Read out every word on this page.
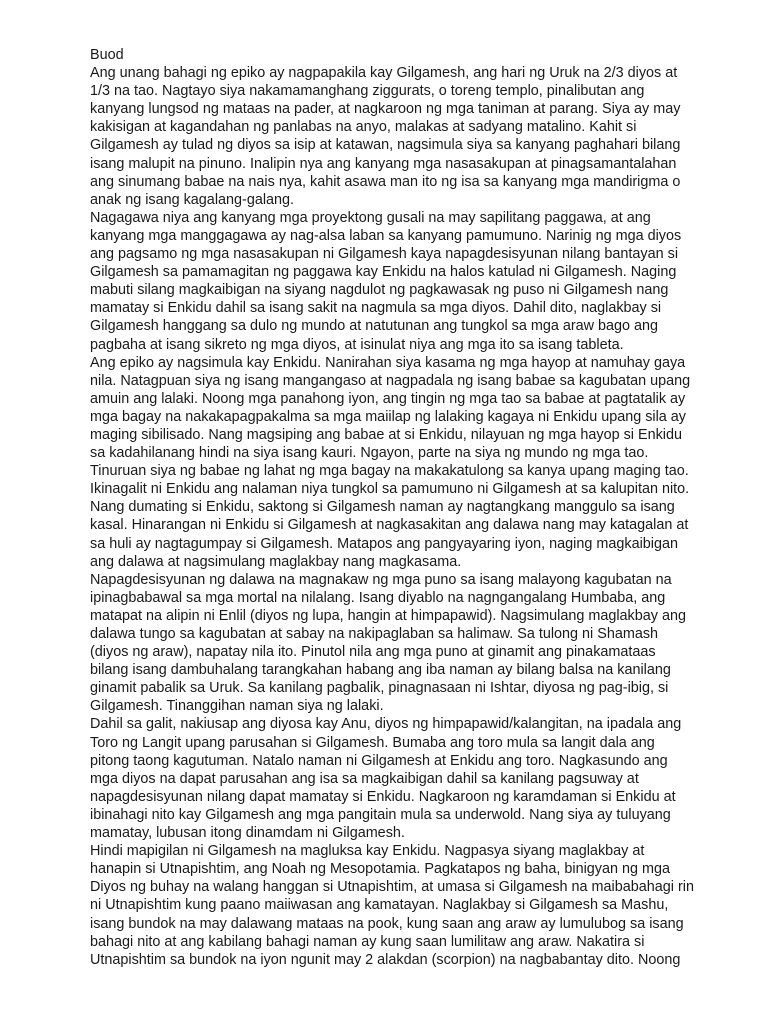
Buod

Ang unang bahagi ng epiko ay nagpapakila kay Gilgamesh, ang hari ng Uruk na 2/3 diyos at
1/3 na tao. Nagtayo siya nakamamanghang ziggurats, o toreng templo, pinalibutan ang
kanyang lungsod ng mataas na pader, at nagkaroon ng mga taniman at parang. Siya ay may
kakisigan at kagandahan ng panlabas na anyo, malakas at sadyang matalino. Kahit si
Gilgamesh ay tulad ng diyos sa isip at katawan, nagsimula siya sa kanyang paghahari bilang
isang malupit na pinuno. Inalipin nya ang kanyang mga nasasakupan at pinagsamantalahan
ang sinumang babae na nais nya, kahit asawa man ito ng isa sa kanyang mga mandirigma o
anak ng isang kagalang-galang.

Nagagawa niya ang kanyang mga proyektong gusali na may sapilitang paggawa, at ang
kanyang mga manggagawa ay nag-alsa laban sa kanyang pamumuno. Narinig ng mga diyos
ang pagsamo ng mga nasasakupan ni Gilgamesh kaya napagdesisyunan nilang bantayan si
Gilgamesh sa pamamagitan ng paggawa kay Enkidu na halos katulad ni Gilgamesh. Naging
mabuti silang magkaibigan na siyang nagdulot ng pagkawasak ng puso ni Gilgamesh nang
mamatay si Enkidu dahil sa isang sakit na nagmula sa mga diyos. Dahil dito, naglakbay si
Gilgamesh hanggang sa dulo ng mundo at natutunan ang tungkol sa mga araw bago ang
pagbaha at isang sikreto ng mga diyos, at isinulat niya ang mga ito sa isang tableta.

Ang epiko ay nagsimula kay Enkidu. Nanirahan siya kasama ng mga hayop at namuhay gaya
nila. Natagpuan siya ng isang mangangaso at nagpadala ng isang babae sa kagubatan upang
amuin ang lalaki. Noong mga panahong iyon, ang tingin ng mga tao sa babae at pagtatalik ay
mga bagay na nakakapagpakalma sa mga maiilap ng lalaking kagaya ni Enkidu upang sila ay
maging sibilisado. Nang magsiping ang babae at si Enkidu, nilayuan ng mga hayop si Enkidu
sa kadahilanang hindi na siya isang kauri. Ngayon, parte na siya ng mundo ng mga tao.
Tinuruan siya ng babae ng lahat ng mga bagay na makakatulong sa kanya upang maging tao.
Ikinagalit ni Enkidu ang nalaman niya tungkol sa pamumuno ni Gilgamesh at sa kalupitan nito.
Nang dumating si Enkidu, saktong si Gilgamesh naman ay nagtangkang manggulo sa isang
kasal. Hinarangan ni Enkidu si Gilgamesh at nagkasakitan ang dalawa nang may katagalan at
sa huli ay nagtagumpay si Gilgamesh. Matapos ang pangyayaring iyon, naging magkaibigan
ang dalawa at nagsimulang maglakbay nang magkasama.

Napagdesisyunan ng dalawa na magnakaw ng mga puno sa isang malayong kagubatan na
ipinagbabawal sa mga mortal na nilalang. Isang diyablo na nagngangalang Humbaba, ang
matapat na alipin ni Enlil (diyos ng lupa, hangin at himpapawid). Nagsimulang maglakbay ang
dalawa tungo sa kagubatan at sabay na nakipaglaban sa halimaw. Sa tulong ni Shamash
(diyos ng araw), napatay nila ito. Pinutol nila ang mga puno at ginamit ang pinakamataas
bilang isang dambuhalang tarangkahan habang ang iba naman ay bilang balsa na kanilang
ginamit pabalik sa Uruk. Sa kanilang pagbalik, pinagnasaan ni Ishtar, diyosa ng pag-ibig, si
Gilgamesh. Tinanggihan naman siya ng lalaki.

Dahil sa galit, nakiusap ang diyosa kay Anu, diyos ng himpapawid/kalangitan, na ipadala ang
Toro ng Langit upang parusahan si Gilgamesh. Bumaba ang toro mula sa langit dala ang
pitong taong kagutuman. Natalo naman ni Gilgamesh at Enkidu ang toro. Nagkasundo ang
mga diyos na dapat parusahan ang isa sa magkaibigan dahil sa kanilang pagsuway at
napagdesisyunan nilang dapat mamatay si Enkidu. Nagkaroon ng karamdaman si Enkidu at
ibinahagi nito kay Gilgamesh ang mga pangitain mula sa underwold. Nang siya ay tuluyang
mamatay, lubusan itong dinamdam ni Gilgamesh.

Hindi mapigilan ni Gilgamesh na magluksa kay Enkidu. Nagpasya siyang maglakbay at
hanapin si Utnapishtim, ang Noah ng Mesopotamia. Pagkatapos ng baha, binigyan ng mga
Diyos ng buhay na walang hanggan si Utnapishtim, at umasa si Gilgamesh na maibabahagi rin
ni Utnapishtim kung paano maiiwasan ang kamatayan. Naglakbay si Gilgamesh sa Mashu,
isang bundok na may dalawang mataas na pook, kung saan ang araw ay lumulubog sa isang
bahagi nito at ang kabilang bahagi naman ay kung saan lumilitaw ang araw. Nakatira si
Utnapishtim sa bundok na iyon ngunit may 2 alakdan (scorpion) na nagbabantay dito. Noong
